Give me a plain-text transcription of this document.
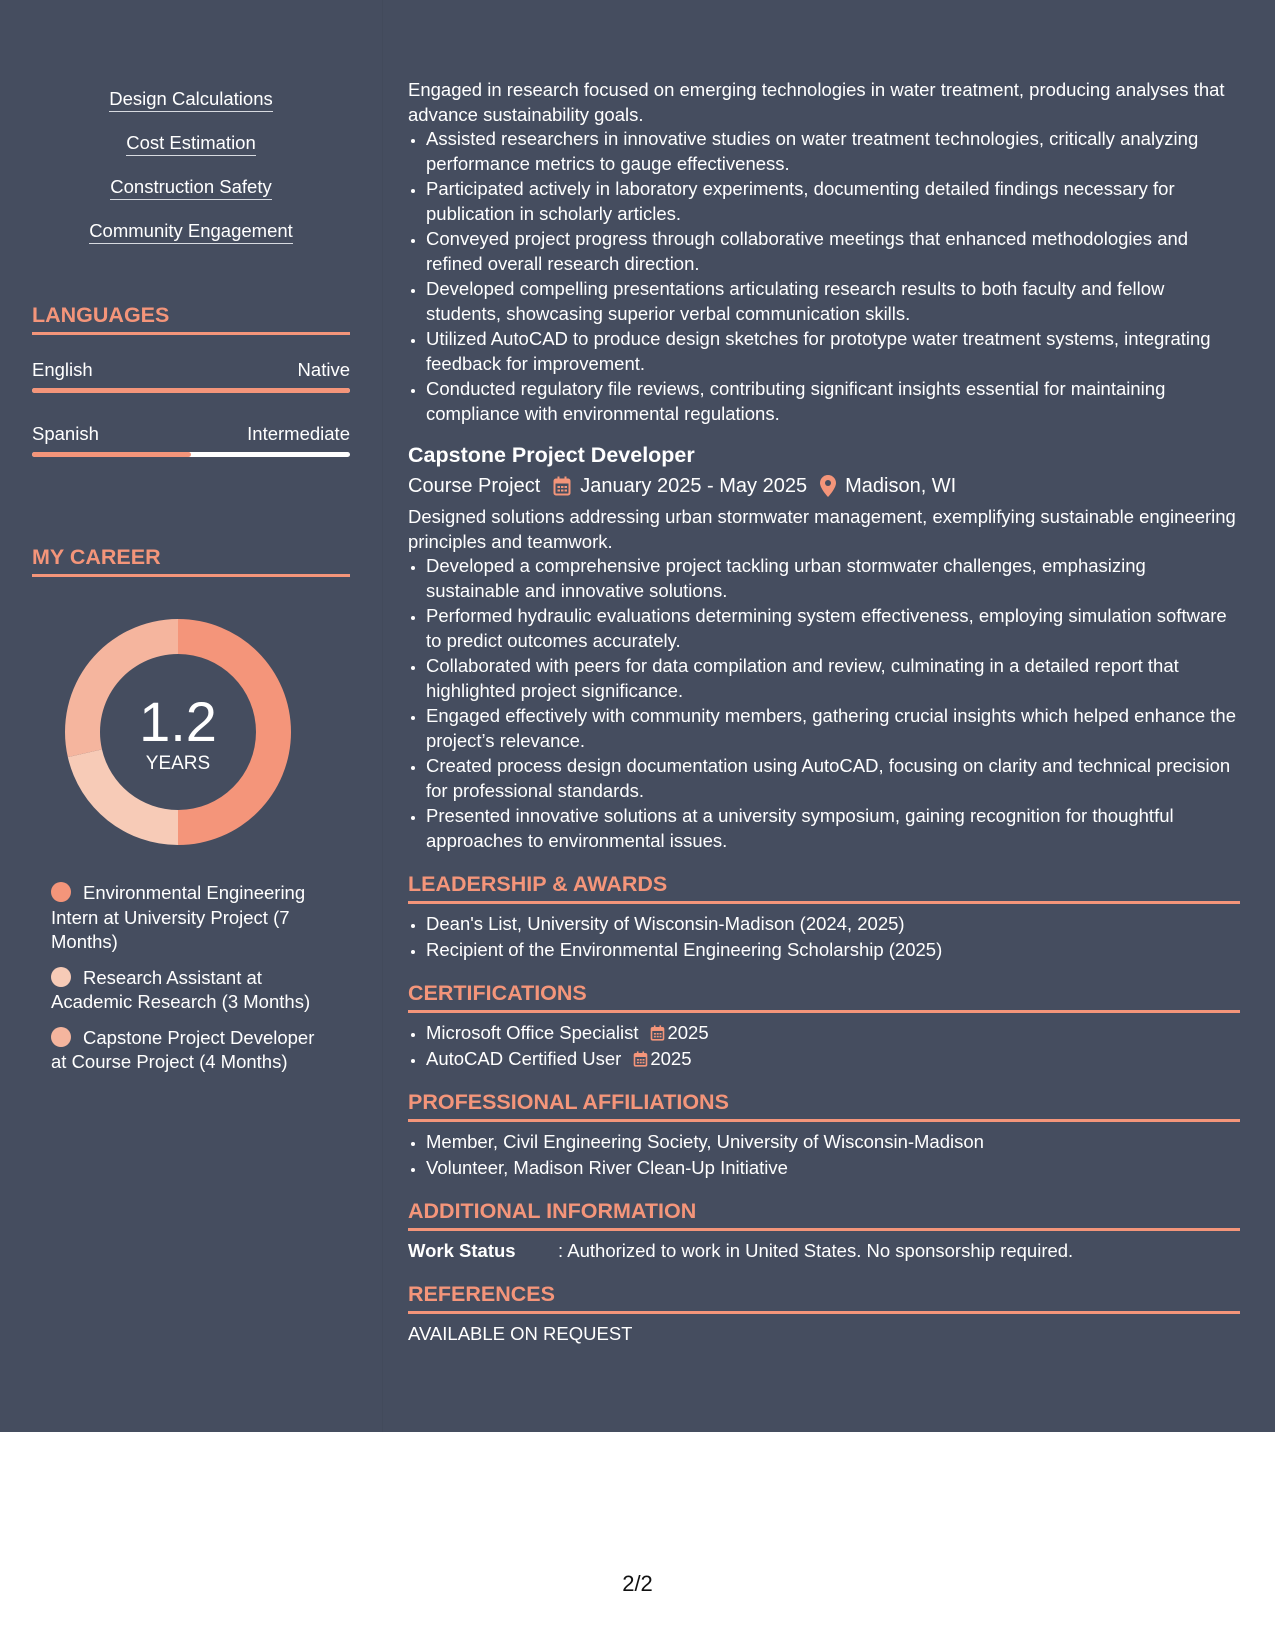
Design Calculations
Cost Estimation
Construction Safety
Community Engagement
LANGUAGES
English	Native
Spanish	Intermediate
MY CAREER
1.2
YEARS
Environmental Engineering Intern at University Project (7 Months)
Research Assistant at Academic Research (3 Months)
Capstone Project Developer at Course Project (4 Months)
Engaged in research focused on emerging technologies in water treatment, producing analyses that advance sustainability goals.
• Assisted researchers in innovative studies on water treatment technologies, critically analyzing performance metrics to gauge effectiveness.
• Participated actively in laboratory experiments, documenting detailed findings necessary for publication in scholarly articles.
• Conveyed project progress through collaborative meetings that enhanced methodologies and refined overall research direction.
• Developed compelling presentations articulating research results to both faculty and fellow students, showcasing superior verbal communication skills.
• Utilized AutoCAD to produce design sketches for prototype water treatment systems, integrating feedback for improvement.
• Conducted regulatory file reviews, contributing significant insights essential for maintaining compliance with environmental regulations.
Capstone Project Developer
Course Project January 2025 - May 2025 Madison, WI
Designed solutions addressing urban stormwater management, exemplifying sustainable engineering principles and teamwork.
• Developed a comprehensive project tackling urban stormwater challenges, emphasizing sustainable and innovative solutions.
• Performed hydraulic evaluations determining system effectiveness, employing simulation software to predict outcomes accurately.
• Collaborated with peers for data compilation and review, culminating in a detailed report that highlighted project significance.
• Engaged effectively with community members, gathering crucial insights which helped enhance the project’s relevance.
• Created process design documentation using AutoCAD, focusing on clarity and technical precision for professional standards.
• Presented innovative solutions at a university symposium, gaining recognition for thoughtful approaches to environmental issues.
LEADERSHIP & AWARDS
• Dean's List, University of Wisconsin-Madison (2024, 2025)
• Recipient of the Environmental Engineering Scholarship (2025)
CERTIFICATIONS
• Microsoft Office Specialist 2025
• AutoCAD Certified User 2025
PROFESSIONAL AFFILIATIONS
• Member, Civil Engineering Society, University of Wisconsin-Madison
• Volunteer, Madison River Clean-Up Initiative
ADDITIONAL INFORMATION
Work Status	: Authorized to work in United States. No sponsorship required.
REFERENCES
AVAILABLE ON REQUEST
2/2
